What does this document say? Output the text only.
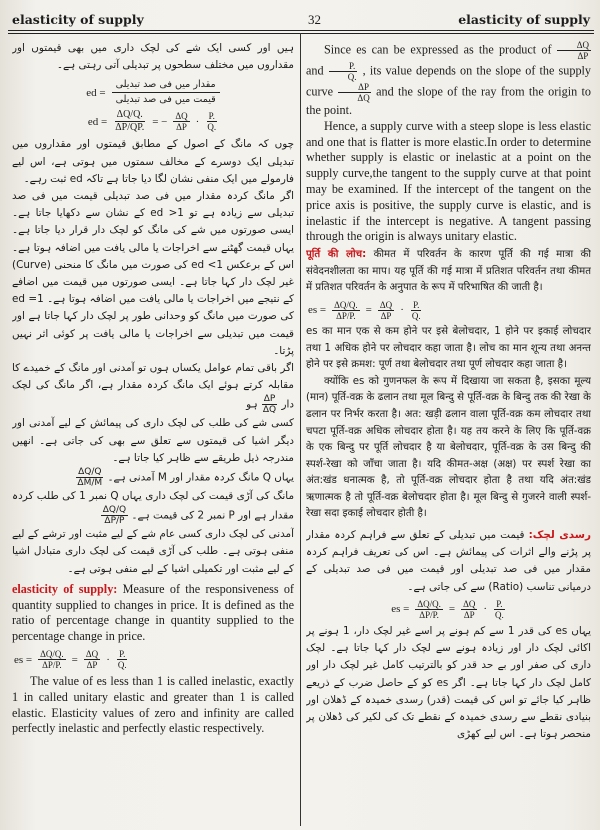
elasticity of supply	32	elasticity of supply

ہیں اور کسی ایک شے کی لچک داری میں بھی قیمتوں اور مقداروں میں مختلف سطحوں پر تبدیلی آتی رہتی ہے۔

ed = $\frac{\text{مقدار میں فی صد تبدیلی}}{\text{قیمت میں فی صد تبدیلی}}$
ed = $\frac{\Delta Q/Q.}{\Delta P/QP.}$ = − $\frac{\Delta Q}{\Delta P} \cdot \frac{P.}{Q.}$

چوں کہ مانگ کے اصول کے مطابق قیمتوں اور مقداروں میں تبدیلی ایک دوسرے کے مخالف سمتوں میں ہوتی ہے، اس لیے فارمولے میں ایک منفی نشان لگا دیا جاتا ہے تاکہ ed ثبت رہے۔

اگر مانگ کردہ مقدار میں فی صد تبدیلی قیمت میں فی صد تبدیلی سے زیادہ ہے تو ed >1 کے نشان سے دکھایا جاتا ہے۔ ایسی صورتوں میں شے کی مانگ کو لچک دار قرار دیا جاتا ہے۔ یہاں قیمت گھٹنے سے اخراجات یا مالی یافت میں اضافہ ہوتا ہے۔ اس کے برعکس ed <1 کی صورت میں مانگ کا منحنی (Curve) غیر لچک دار کہا جاتا ہے۔ ایسی صورتوں میں قیمت میں اضافے کے نتیجے میں اخراجات یا مالی یافت میں اضافہ ہوتا ہے۔ ed =1 کی صورت میں مانگ کو وحدانی طور پر لچک دار کہا جاتا ہے اور قیمت میں تبدیلی سے اخراجات یا مالی یافت پر کوئی اثر نہیں پڑتا۔

اگر باقی تمام عوامل یکساں ہوں تو آمدنی اور مانگ کے خمیدے کا مقابلہ کرتے ہوئے ایک مانگ کردہ مقدار ہے، اگر مانگ کی لچک دار
$\frac{\Delta P}{\Delta Q}$
ہو

کسی شے کی طلب کی لچک داری کی پیمائش کے لیے آمدنی اور دیگر اشیا کی قیمتوں سے تعلق سے بھی کی جاتی ہے۔ انھیں مندرجہ ذیل طریقے سے ظاہر کیا جاتا ہے۔

یہاں Q مانگ کردہ مقدار اور M آمدنی ہے۔
$\frac{\Delta Q/Q}{\Delta M/M}$
مانگ کی آڑی قیمت کی لچک داری یہاں Q نمبر 1 کی طلب کردہ مقدار ہے اور P نمبر 2 کی قیمت ہے۔
$\frac{\Delta Q/Q}{\Delta P/P}$

آمدنی کی لچک داری کسی عام شے کے لیے مثبت اور ترشے کے لیے منفی ہوتی ہے۔ طلب کی آڑی قیمت کی لچک داری متبادل اشیا کے لیے مثبت اور تکمیلی اشیا کے لیے منفی ہوتی ہے۔

elasticity of supply: Measure of the responsiveness of quantity supplied to changes in price. It is defined as the ratio of percentage change in quantity supplied to the percentage change in price.

es = $\frac{\Delta Q/Q.}{\Delta P/P.} = \frac{\Delta Q}{\Delta P} \cdot \frac{P.}{Q.}$

The value of es less than 1 is called inelastic, exactly 1 in called unitary elastic and greater than 1 is called elastic. Elasticity values of zero and infinity are called perfectly inelastic and perfectly elastic respectively.

Since es can be expressed as the product of $\frac{\Delta Q}{\Delta P}$
and $\frac{P.}{Q.}$ , its value depends on the slope of the supply curve $\frac{\Delta P}{\Delta Q}$ and the slope of the ray from the origin to the point.

Hence, a supply curve with a steep slope is less elastic and one that is flatter is more elastic.In order to determine whether supply is elastic or inelastic at a point on the supply curve,the tangent to the supply curve at that point may be examined. If the intercept of the tangent on the price axis is positive, the supply curve is elastic, and is inelastic if the intercept is negative. A tangent passing through the origin is always unitary elastic.

पूर्ति की लोच: कीमत में परिवर्तन के कारण पूर्ति की गई मात्रा की संवेदनशीलता का माप। यह पूर्ति की गई मात्रा में प्रतिशत परिवर्तन तथा कीमत में प्रतिशत परिवर्तन के अनुपात के रूप में परिभाषित की जाती है।

es = $\frac{\Delta Q/Q.}{\Delta P/P.} = \frac{\Delta Q}{\Delta P} \cdot \frac{P.}{Q.}$

es का मान एक से कम होने पर इसे बेलोचदार, 1 होने पर इकाई लोचदार तथा 1 अधिक होने पर लोचदार कहा जाता है। लोच का मान शून्य तथा अनन्त होने पर इसे क्रमश: पूर्ण तथा बेलोचदार तथा पूर्ण लोचदार कहा जाता है।

क्योंकि es को गुणनफल के रूप में दिखाया जा सकता है, इसका मूल्य (मान) पूर्ति-वक्र के ढलान तथा मूल बिन्दु से पूर्ति-वक्र के बिन्दु तक की रेखा के ढलान पर निर्भर करता है। अत: खड़ी ढलान वाला पूर्ति-वक्र कम लोचदार तथा चपटा पूर्ति-वक्र अधिक लोचदार होता है। यह तय करने के लिए कि पूर्ति-वक्र के एक बिन्दु पर पूर्ति लोचदार है या बेलोचदार, पूर्ति-वक्र के उस बिन्दु की स्पर्श-रेखा को जाँचा जाता है। यदि कीमत-अक्ष (अक्ष) पर स्पर्श रेखा का अंत:खंड धनात्मक है, तो पूर्ति-वक्र लोचदार होता है तथा यदि अंत:खंड ऋणात्मक है तो पूर्ति-वक्र बेलोचदार होता है। मूल बिन्दु से गुजरने वाली स्पर्श-रेखा सदा इकाई लोचदार होती है।

رسدی لچک: قیمت میں تبدیلی کے تعلق سے فراہم کردہ مقدار پر پڑنے والے اثرات کی پیمائش ہے۔ اس کی تعریف فراہم کردہ مقدار میں فی صد تبدیلی اور قیمت میں فی صد تبدیلی کے درمیانی تناسب (Ratio) سے کی جاتی ہے۔

es = $\frac{\Delta Q/Q.}{\Delta P/P.} = \frac{\Delta Q}{\Delta P} \cdot \frac{P.}{Q.}$

یہاں es کی قدر 1 سے کم ہونے پر اسے غیر لچک دار، 1 ہونے پر اکائی لچک دار اور زیادہ ہونے سے لچک دار کہا جاتا ہے۔ لچک داری کی صفر اور بے حد قدر کو بالترتیب کامل غیر لچک دار اور کامل لچک دار کہا جاتا ہے۔ اگر es کو کے حاصل ضرب کے ذریعے ظاہر کیا جائے تو اس کی قیمت (قدر) رسدی خمیدہ کے ڈھلان اور بنیادی نقطے سے رسدی خمیدہ کے نقطے تک کی لکیر کی ڈھلان پر منحصر ہوتا ہے۔ اس لیے کھڑی
